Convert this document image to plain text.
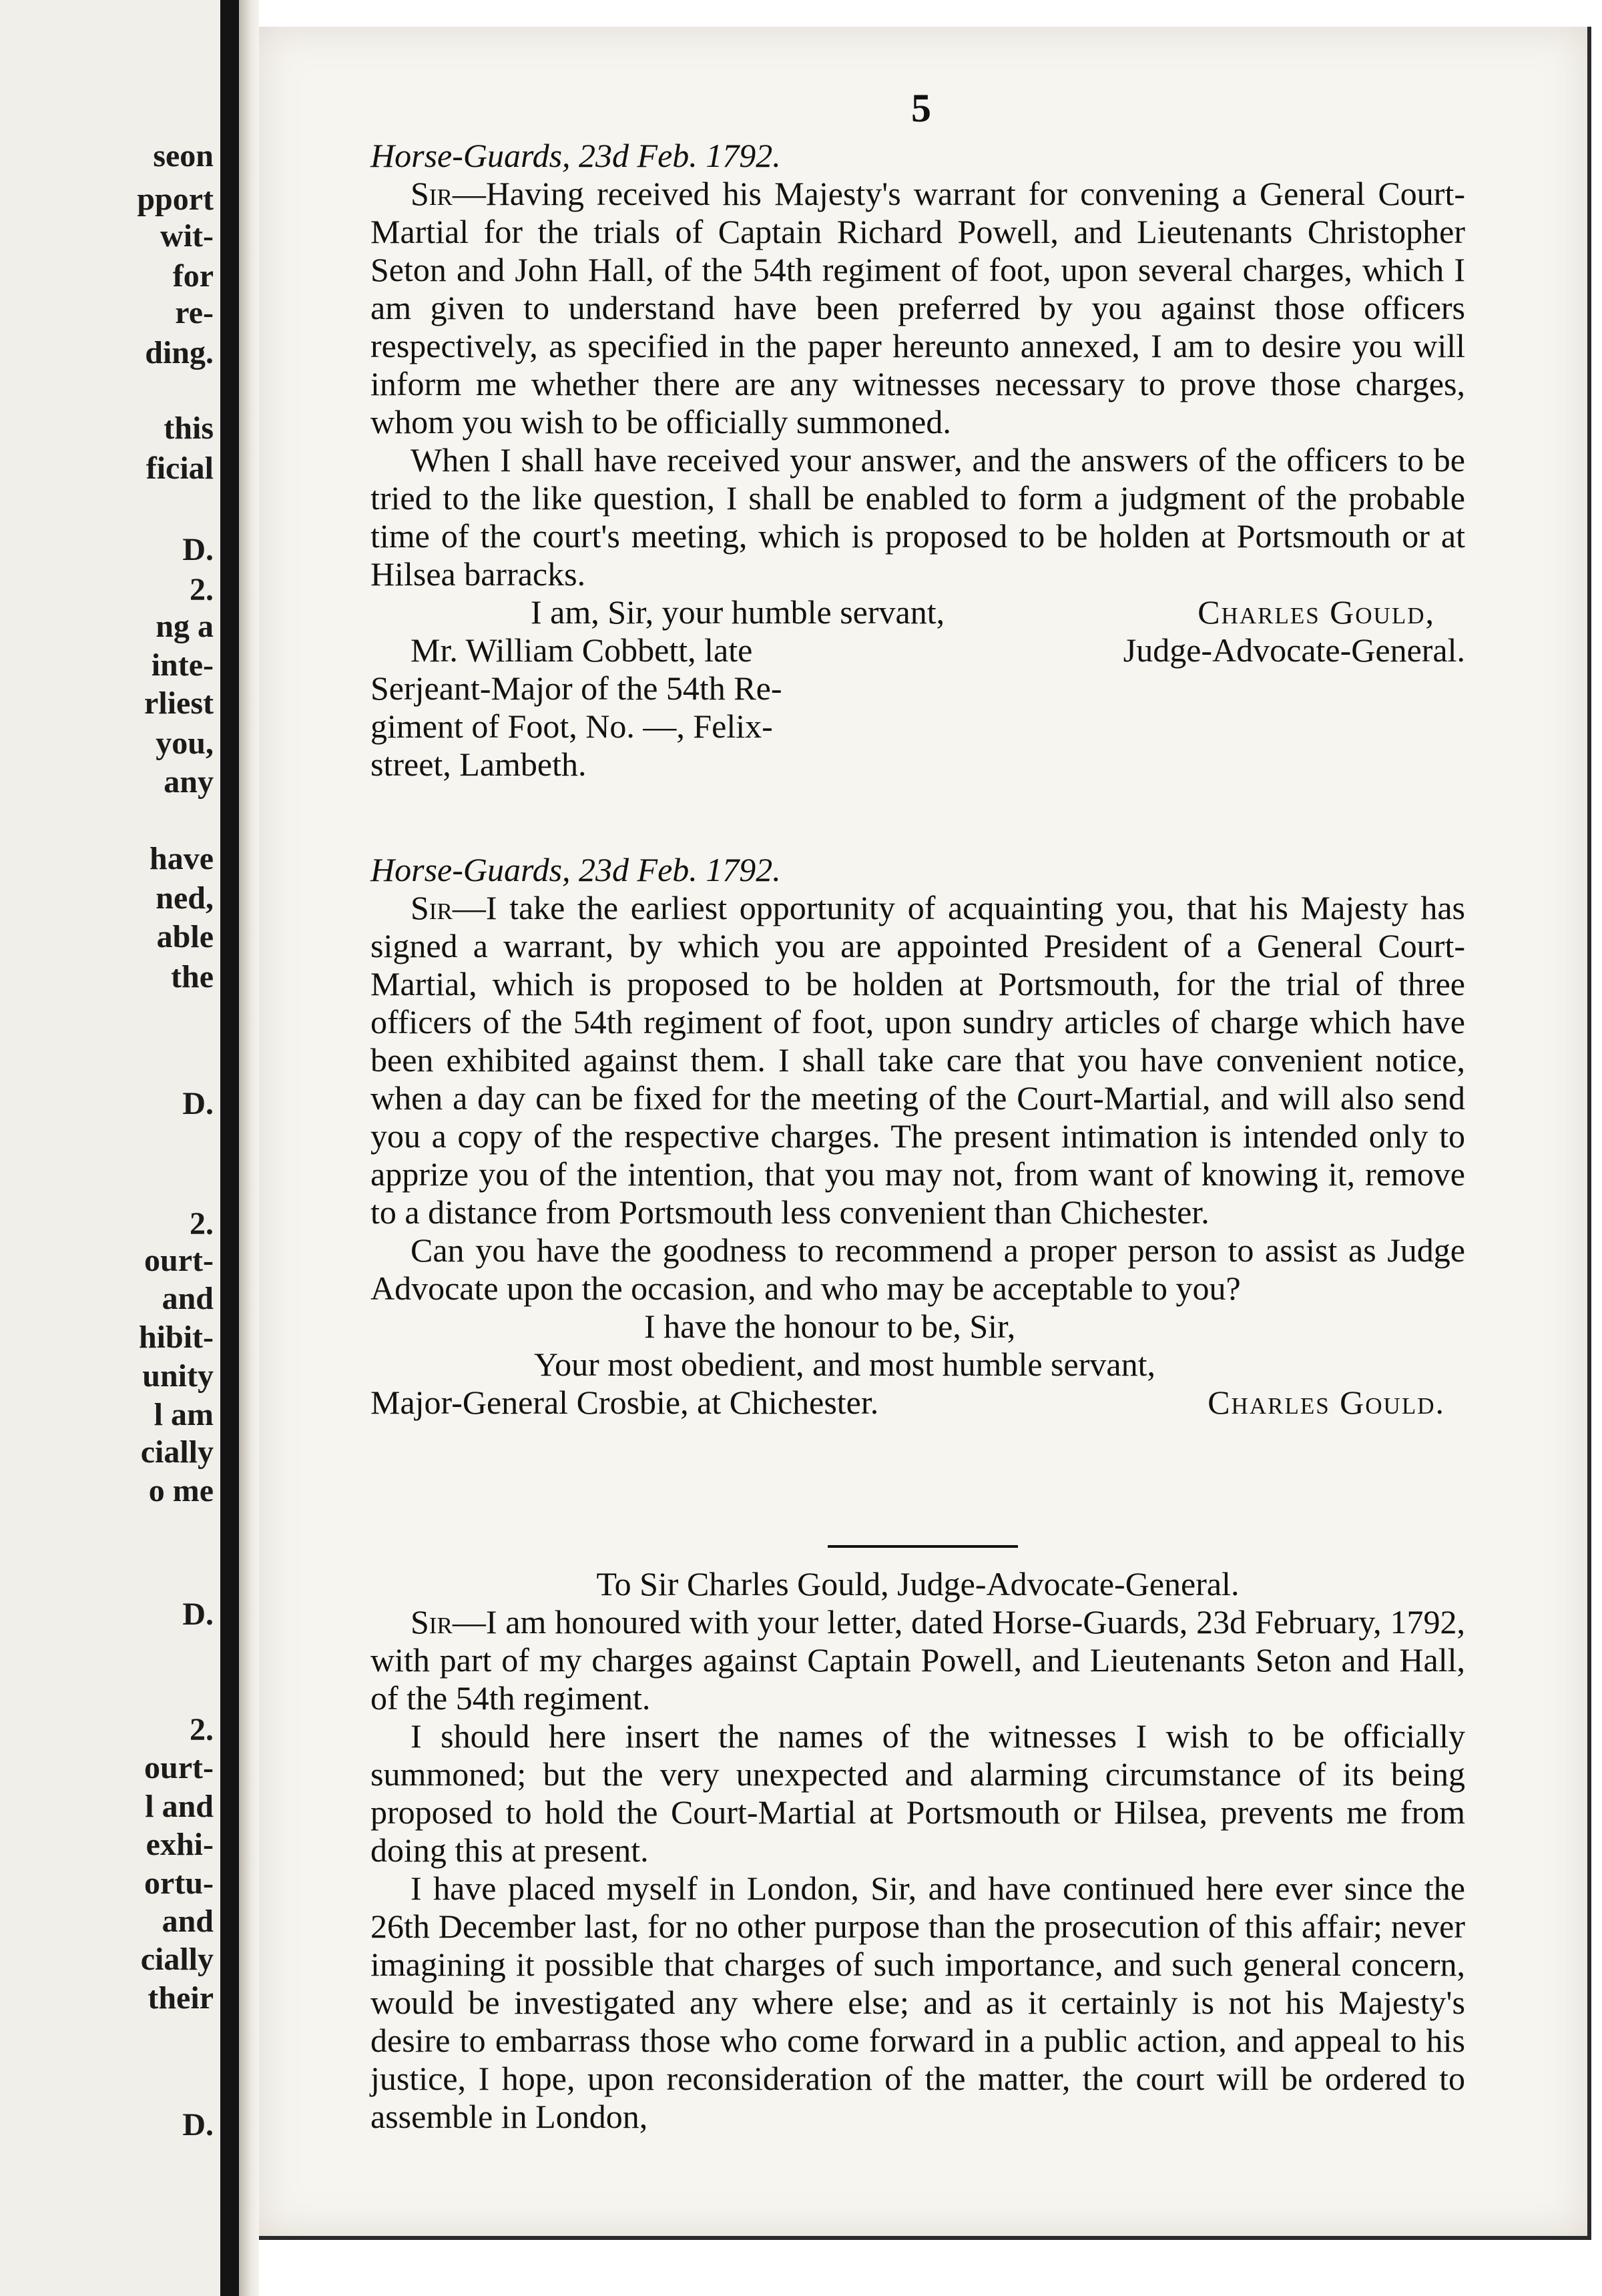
seon
pport
wit-
for
re-
ding.
this
ficial
D.
2.
ng a
inte-
rliest
you,
any
have
ned,
able
the
D.
2.
ourt-
and
hibit-
unity
l am
cially
o me
D.
2.
ourt-
l and
exhi-
ortu-
and
cially
their
D.
5

Horse-Guards, 23d Feb. 1792.

Sir—Having received his Majesty's warrant for convening a General Court-Martial for the trials of Captain Richard Powell, and Lieutenants Christopher Seton and John Hall, of the 54th regiment of foot, upon several charges, which I am given to understand have been preferred by you against those officers respectively, as specified in the paper hereunto annexed, I am to desire you will inform me whether there are any witnesses necessary to prove those charges, whom you wish to be officially summoned.

When I shall have received your answer, and the answers of the officers to be tried to the like question, I shall be enabled to form a judgment of the probable time of the court's meeting, which is proposed to be holden at Portsmouth or at Hilsea barracks.

I am, Sir, your humble servant,	Charles Gould,
Mr. William Cobbett, late	Judge-Advocate-General.
Serjeant-Major of the 54th Re-
giment of Foot, No. —, Felix-
street, Lambeth.

Horse-Guards, 23d Feb. 1792.

Sir—I take the earliest opportunity of acquainting you, that his Majesty has signed a warrant, by which you are appointed President of a General Court-Martial, which is proposed to be holden at Portsmouth, for the trial of three officers of the 54th regiment of foot, upon sundry articles of charge which have been exhibited against them. I shall take care that you have convenient notice, when a day can be fixed for the meeting of the Court-Martial, and will also send you a copy of the respective charges. The present intimation is intended only to apprize you of the intention, that you may not, from want of knowing it, remove to a distance from Portsmouth less convenient than Chichester.

Can you have the goodness to recommend a proper person to assist as Judge Advocate upon the occasion, and who may be acceptable to you?

I have the honour to be, Sir,
Your most obedient, and most humble servant,
Major-General Crosbie, at Chichester.	Charles Gould.

To Sir Charles Gould, Judge-Advocate-General.

Sir—I am honoured with your letter, dated Horse-Guards, 23d February, 1792, with part of my charges against Captain Powell, and Lieutenants Seton and Hall, of the 54th regiment.

I should here insert the names of the witnesses I wish to be officially summoned; but the very unexpected and alarming circumstance of its being proposed to hold the Court-Martial at Portsmouth or Hilsea, prevents me from doing this at present.

I have placed myself in London, Sir, and have continued here ever since the 26th December last, for no other purpose than the prosecution of this affair; never imagining it possible that charges of such importance, and such general concern, would be investigated any where else; and as it certainly is not his Majesty's desire to embarrass those who come forward in a public action, and appeal to his justice, I hope, upon reconsideration of the matter, the court will be ordered to assemble in London,
